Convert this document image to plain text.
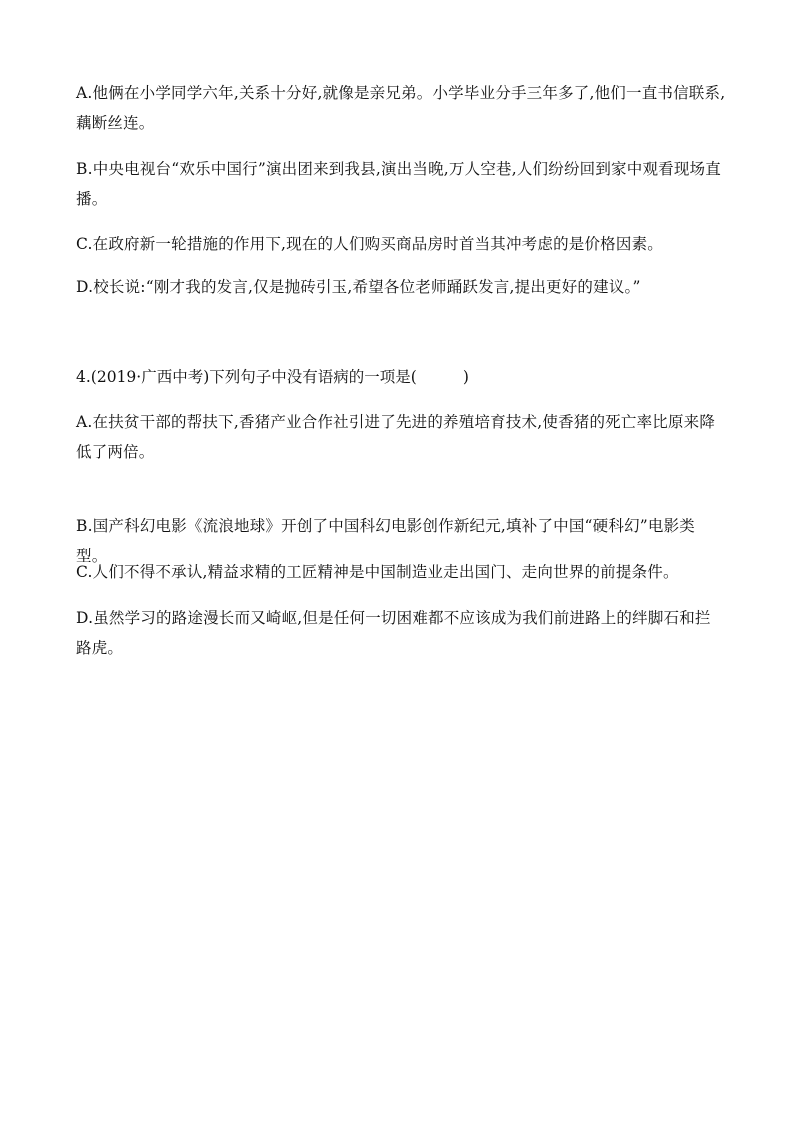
A.他俩在小学同学六年,关系十分好,就像是亲兄弟。小学毕业分手三年多了,他们一直书信联系,藕断丝连。

B.中央电视台“欢乐中国行”演出团来到我县,演出当晚,万人空巷,人们纷纷回到家中观看现场直播。

C.在政府新一轮措施的作用下,现在的人们购买商品房时首当其冲考虑的是价格因素。

D.校长说:“刚才我的发言,仅是抛砖引玉,希望各位老师踊跃发言,提出更好的建议。”

4.(2019·广西中考)下列句子中没有语病的一项是(	)

A.在扶贫干部的帮扶下,香猪产业合作社引进了先进的养殖培育技术,使香猪的死亡率比原来降低了两倍。

B.国产科幻电影《流浪地球》开创了中国科幻电影创作新纪元,填补了中国“硬科幻”电影类型。

C.人们不得不承认,精益求精的工匠精神是中国制造业走出国门、走向世界的前提条件。

D.虽然学习的路途漫长而又崎岖,但是任何一切困难都不应该成为我们前进路上的绊脚石和拦路虎。
